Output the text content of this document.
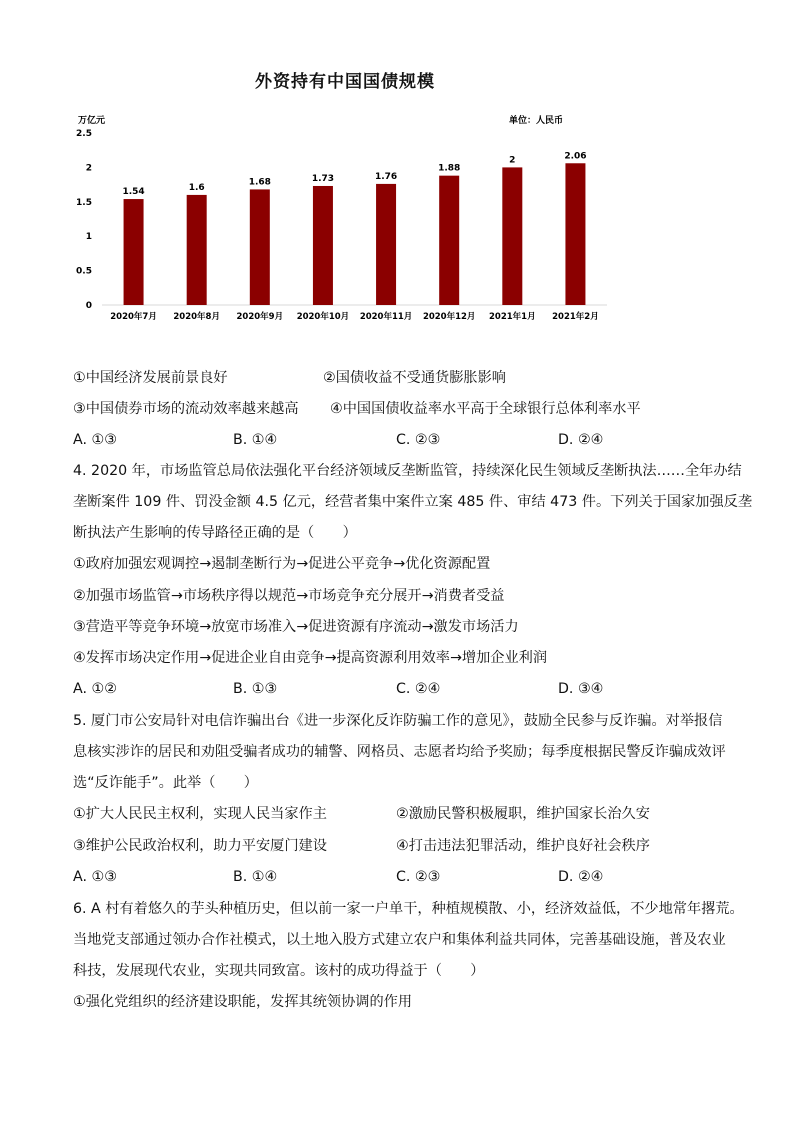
外资持有中国国债规模
万亿元	单位：人民币
0
0.5
1
1.5
2
2.5
1.54
2020年7月
1.6
2020年8月
1.68
2020年9月
1.73
2020年10月
1.76
2020年11月
1.88
2020年12月
2
2021年1月
2.06
2021年2月
①中国经济发展前景良好	②国债收益不受通货膨胀影响
③中国债券市场的流动效率越来越高 ④中国国债收益率水平高于全球银行总体利率水平
A. ①③	B. ①④	C. ②③	D. ②④
4. 2020 年，市场监管总局依法强化平台经济领域反垄断监管，持续深化民生领域反垄断执法……全年办结
垄断案件 109 件、罚没金额 4.5 亿元，经营者集中案件立案 485 件、审结 473 件。下列关于国家加强反垄
断执法产生影响的传导路径正确的是（　　）
①政府加强宏观调控→遏制垄断行为→促进公平竞争→优化资源配置
②加强市场监管→市场秩序得以规范→市场竞争充分展开→消费者受益
③营造平等竞争环境→放宽市场准入→促进资源有序流动→激发市场活力
④发挥市场决定作用→促进企业自由竞争→提高资源利用效率→增加企业利润
A. ①②	B. ①③	C. ②④	D. ③④
5. 厦门市公安局针对电信诈骗出台《进一步深化反诈防骗工作的意见》，鼓励全民参与反诈骗。对举报信
息核实涉诈的居民和劝阻受骗者成功的辅警、网格员、志愿者均给予奖励；每季度根据民警反诈骗成效评
选“反诈能手”。此举（　　）
①扩大人民民主权利，实现人民当家作主	②激励民警积极履职，维护国家长治久安
③维护公民政治权利，助力平安厦门建设	④打击违法犯罪活动，维护良好社会秩序
A. ①③	B. ①④	C. ②③	D. ②④
6. A 村有着悠久的芋头种植历史，但以前一家一户单干，种植规模散、小，经济效益低，不少地常年撂荒。
当地党支部通过领办合作社模式，以土地入股方式建立农户和集体利益共同体，完善基础设施，普及农业
科技，发展现代农业，实现共同致富。该村的成功得益于（　　）
①强化党组织的经济建设职能，发挥其统领协调的作用
